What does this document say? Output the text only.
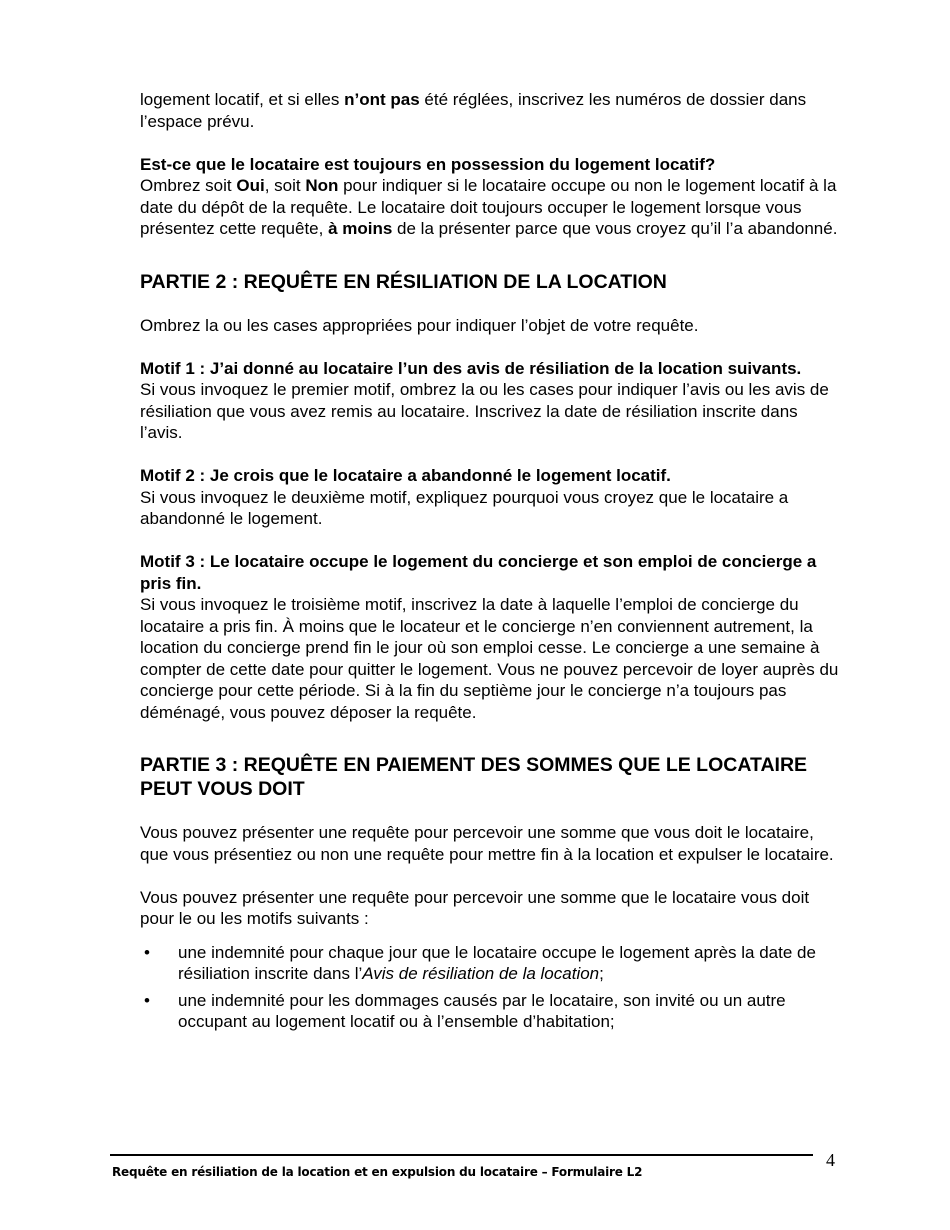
logement locatif, et si elles n’ont pas été réglées, inscrivez les numéros de dossier dans l’espace prévu.

Est-ce que le locataire est toujours en possession du logement locatif?

Ombrez soit Oui, soit Non pour indiquer si le locataire occupe ou non le logement locatif à la date du dépôt de la requête. Le locataire doit toujours occuper le logement lorsque vous présentez cette requête, à moins de la présenter parce que vous croyez qu’il l’a abandonné.

PARTIE 2 : REQUÊTE EN RÉSILIATION DE LA LOCATION

Ombrez la ou les cases appropriées pour indiquer l’objet de votre requête.

Motif 1 : J’ai donné au locataire l’un des avis de résiliation de la location suivants.

Si vous invoquez le premier motif, ombrez la ou les cases pour indiquer l’avis ou les avis de résiliation que vous avez remis au locataire. Inscrivez la date de résiliation inscrite dans l’avis.

Motif 2 : Je crois que le locataire a abandonné le logement locatif.

Si vous invoquez le deuxième motif, expliquez pourquoi vous croyez que le locataire a abandonné le logement.

Motif 3 : Le locataire occupe le logement du concierge et son emploi de concierge a pris fin.

Si vous invoquez le troisième motif, inscrivez la date à laquelle l’emploi de concierge du locataire a pris fin. À moins que le locateur et le concierge n’en conviennent autrement, la location du concierge prend fin le jour où son emploi cesse. Le concierge a une semaine à compter de cette date pour quitter le logement. Vous ne pouvez percevoir de loyer auprès du concierge pour cette période. Si à la fin du septième jour le concierge n’a toujours pas déménagé, vous pouvez déposer la requête.

PARTIE 3 : REQUÊTE EN PAIEMENT DES SOMMES QUE LE LOCATAIRE PEUT VOUS DOIT

Vous pouvez présenter une requête pour percevoir une somme que vous doit le locataire, que vous présentiez ou non une requête pour mettre fin à la location et expulser le locataire.

Vous pouvez présenter une requête pour percevoir une somme que le locataire vous doit pour le ou les motifs suivants :

• une indemnité pour chaque jour que le locataire occupe le logement après la date de résiliation inscrite dans l’Avis de résiliation de la location;
• une indemnité pour les dommages causés par le locataire, son invité ou un autre occupant au logement locatif ou à l’ensemble d’habitation;
Requête en résiliation de la location et en expulsion du locataire – Formulaire L2
4
